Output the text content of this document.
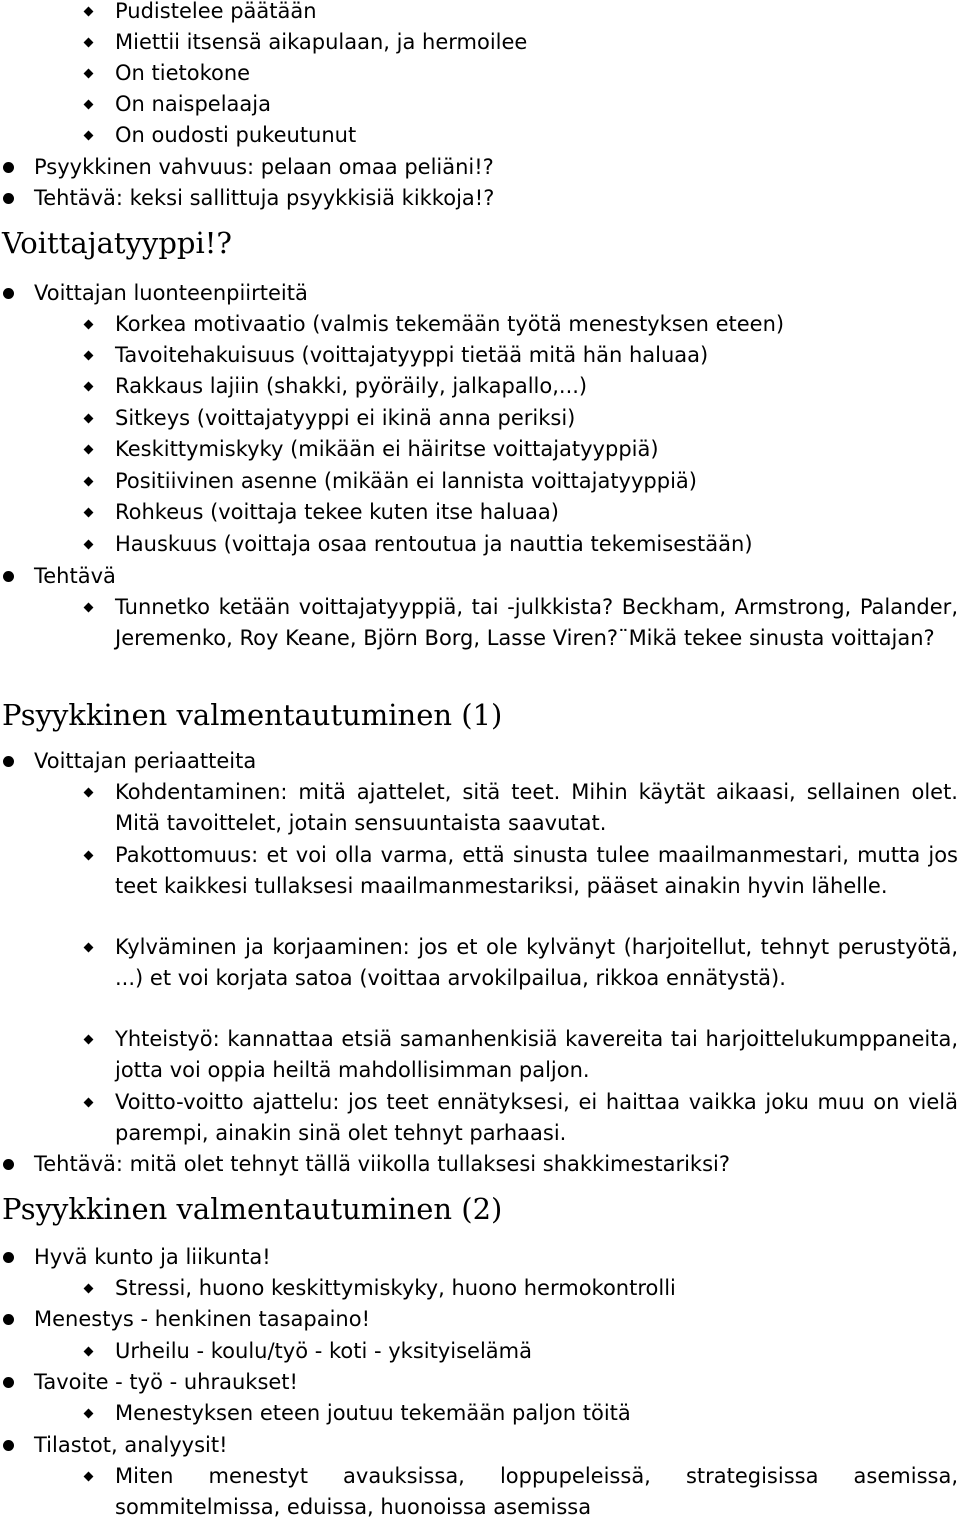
Pudistelee päätään
Miettii itsensä aikapulaan, ja hermoilee
On tietokone
On naispelaaja
On oudosti pukeutunut
Psyykkinen vahvuus: pelaan omaa peliäni!?
Tehtävä: keksi sallittuja psyykkisiä kikkoja!?
Voittajatyyppi!?
Voittajan luonteenpiirteitä
Korkea motivaatio (valmis tekemään työtä menestyksen eteen)
Tavoitehakuisuus (voittajatyyppi tietää mitä hän haluaa)
Rakkaus lajiin (shakki, pyöräily, jalkapallo,...)
Sitkeys (voittajatyyppi ei ikinä anna periksi)
Keskittymiskyky (mikään ei häiritse voittajatyyppiä)
Positiivinen asenne (mikään ei lannista voittajatyyppiä)
Rohkeus (voittaja tekee kuten itse haluaa)
Hauskuus (voittaja osaa rentoutua ja nauttia tekemisestään)
Tehtävä
Tunnetko ketään voittajatyyppiä, tai -julkkista? Beckham, Armstrong, Palander, Jeremenko, Roy Keane, Björn Borg, Lasse Viren?¨Mikä tekee sinusta voittajan?
Psyykkinen valmentautuminen (1)
Voittajan periaatteita
Kohdentaminen: mitä ajattelet, sitä teet. Mihin käytät aikaasi, sellainen olet. Mitä tavoittelet, jotain sensuuntaista saavutat.
Pakottomuus: et voi olla varma, että sinusta tulee maailmanmestari, mutta jos teet kaikkesi tullaksesi maailmanmestariksi, pääset ainakin hyvin lähelle.
Kylväminen ja korjaaminen: jos et ole kylvänyt (harjoitellut, tehnyt perustyötä, ...) et voi korjata satoa (voittaa arvokilpailua, rikkoa ennätystä).
Yhteistyö: kannattaa etsiä samanhenkisiä kavereita tai harjoittelukumppaneita, jotta voi oppia heiltä mahdollisimman paljon.
Voitto-voitto ajattelu: jos teet ennätyksesi, ei haittaa vaikka joku muu on vielä parempi, ainakin sinä olet tehnyt parhaasi.
Tehtävä: mitä olet tehnyt tällä viikolla tullaksesi shakkimestariksi?
Psyykkinen valmentautuminen (2)
Hyvä kunto ja liikunta!
Stressi, huono keskittymiskyky, huono hermokontrolli
Menestys - henkinen tasapaino!
Urheilu - koulu/työ - koti - yksityiselämä
Tavoite - työ - uhraukset!
Menestyksen eteen joutuu tekemään paljon töitä
Tilastot, analyysit!
Miten menestyt avauksissa, loppupeleissä, strategisissa asemissa, sommitelmissa, eduissa, huonoissa asemissa
